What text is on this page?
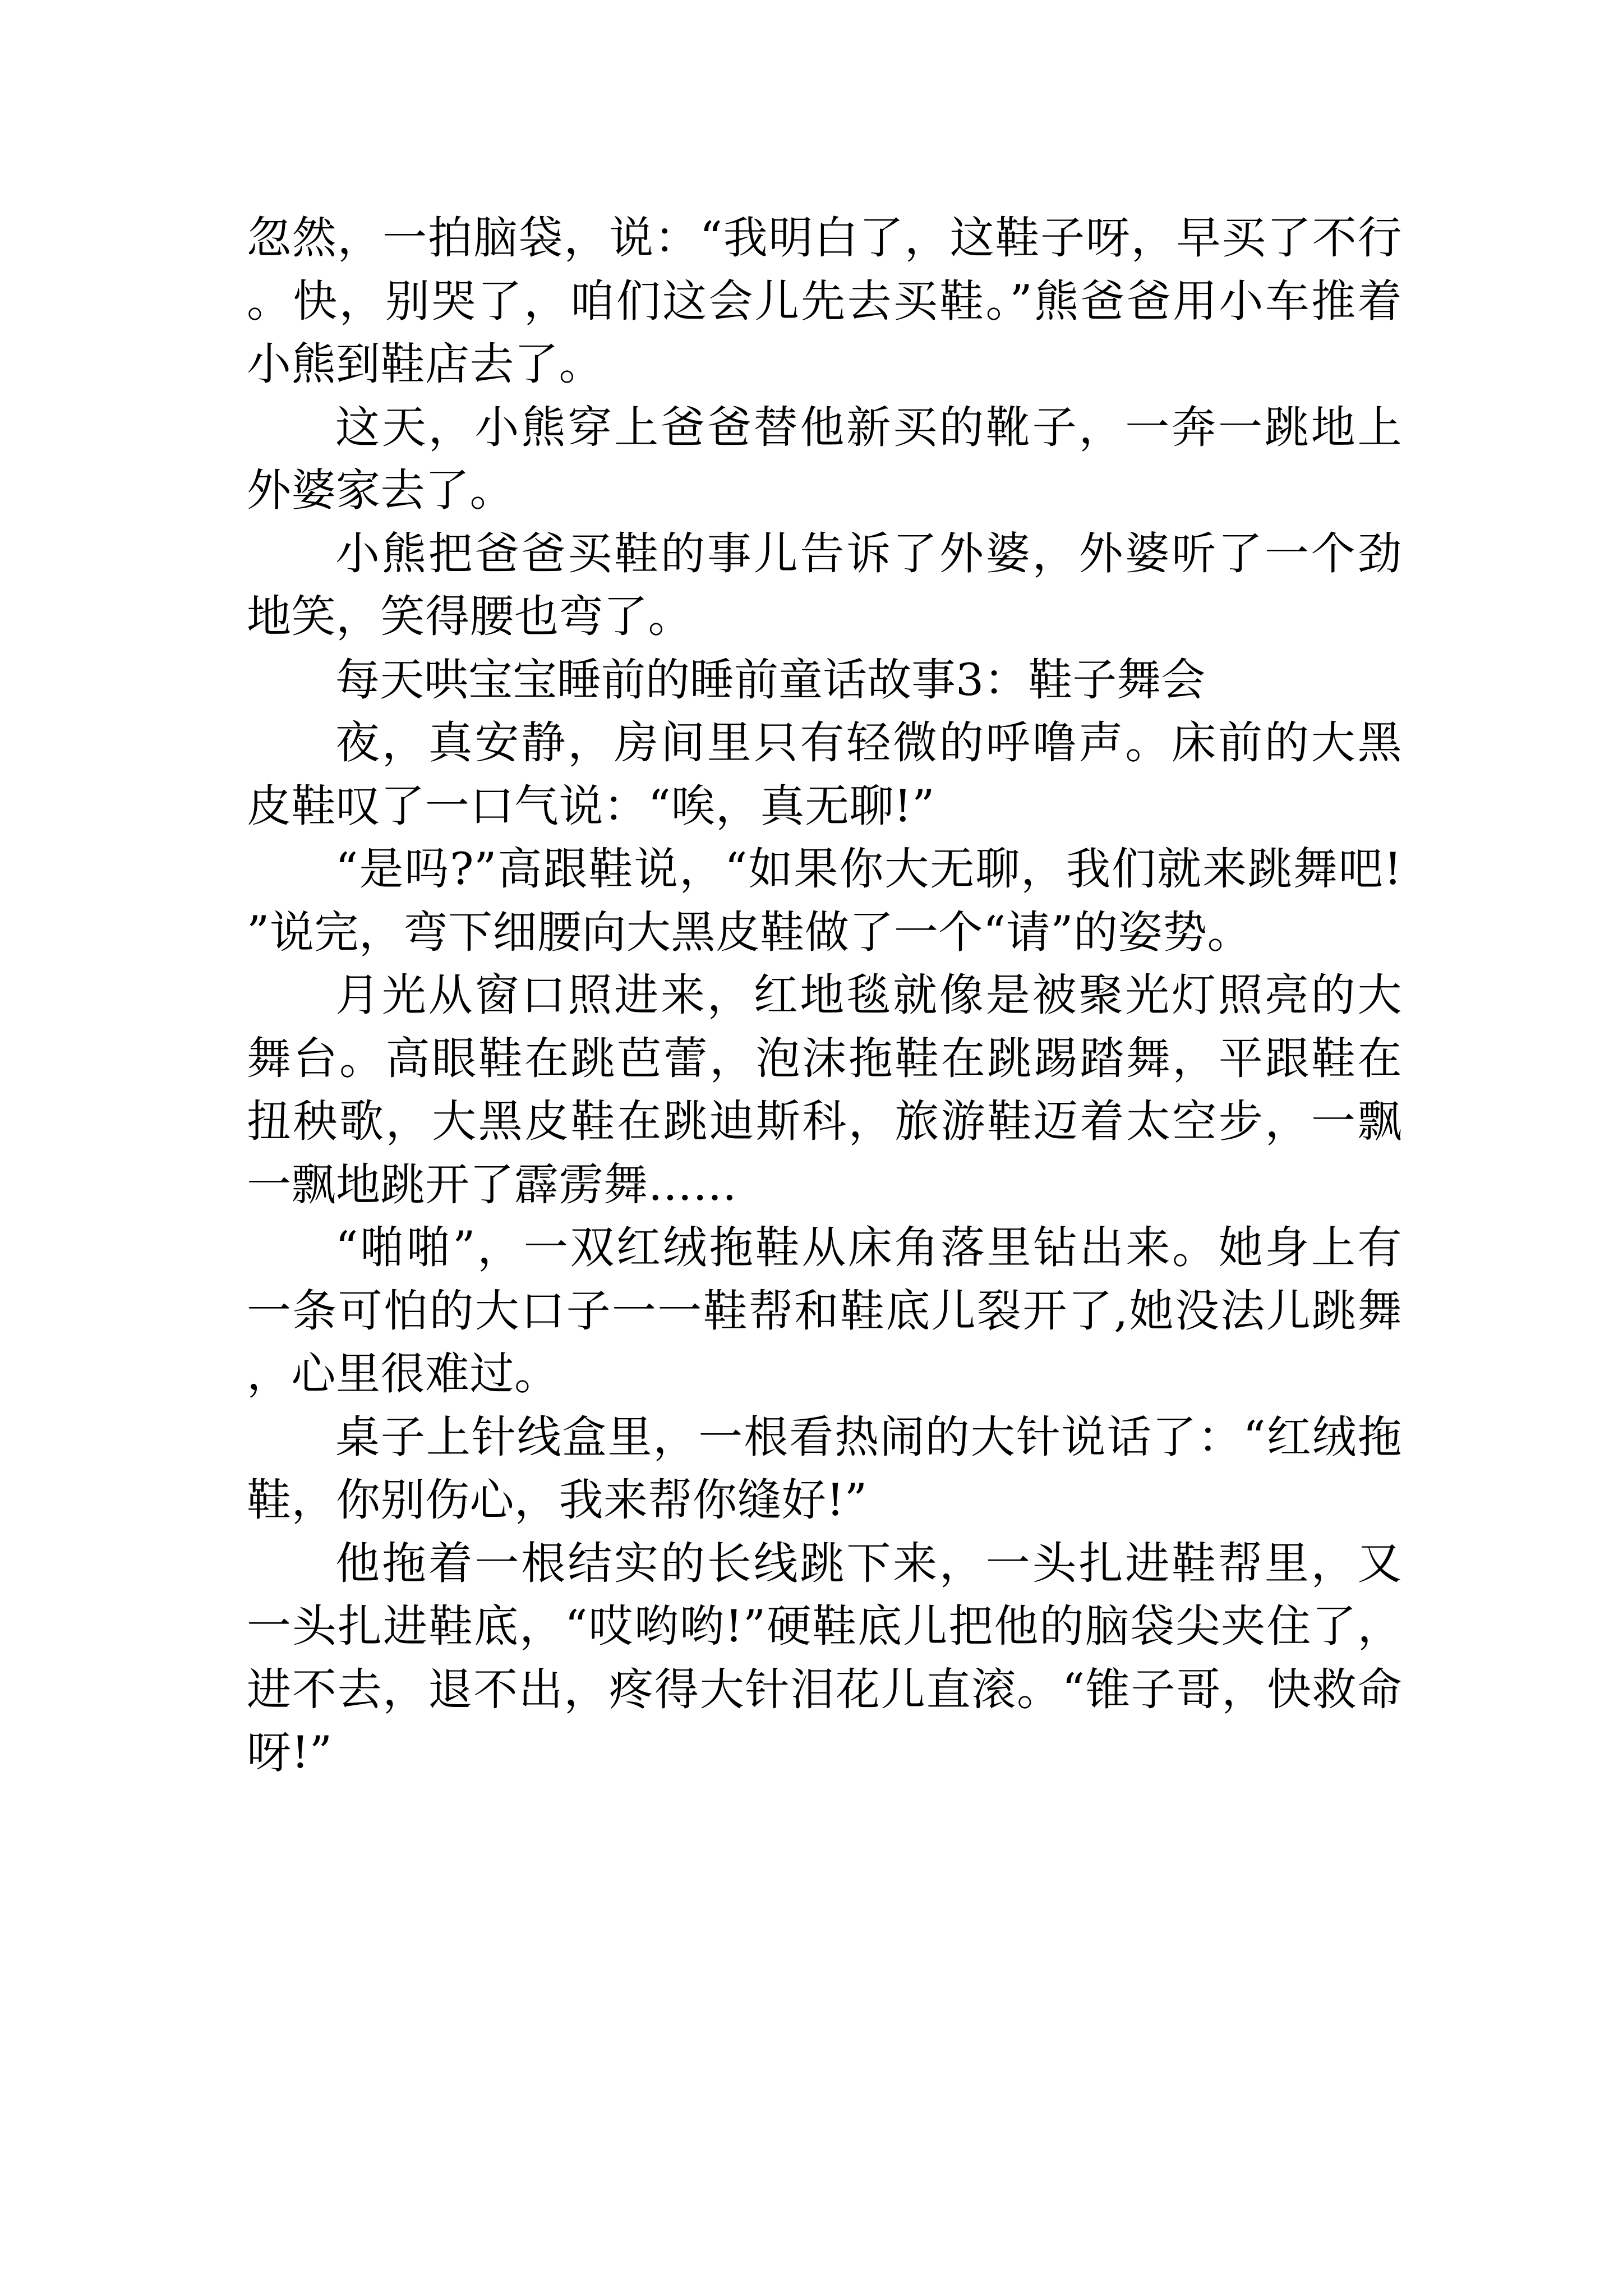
忽然，一拍脑袋，说：“我明白了，这鞋子呀，早买了不行。快，别哭了，咱们这会儿先去买鞋。”熊爸爸用小车推着小熊到鞋店去了。

这天，小熊穿上爸爸替他新买的靴子，一奔一跳地上外婆家去了。

小熊把爸爸买鞋的事儿告诉了外婆，外婆听了一个劲地笑，笑得腰也弯了。

每天哄宝宝睡前的睡前童话故事3：鞋子舞会

夜，真安静，房间里只有轻微的呼噜声。床前的大黑皮鞋叹了一口气说：“唉，真无聊!”

“是吗?”高跟鞋说，“如果你大无聊，我们就来跳舞吧!”说完，弯下细腰向大黑皮鞋做了一个“请”的姿势。

月光从窗口照进来，红地毯就像是被聚光灯照亮的大舞台。高眼鞋在跳芭蕾，泡沫拖鞋在跳踢踏舞，平跟鞋在扭秧歌，大黑皮鞋在跳迪斯科，旅游鞋迈着太空步，一飘一飘地跳开了霹雳舞……

“啪啪”，一双红绒拖鞋从床角落里钻出来。她身上有一条可怕的大口子一一鞋帮和鞋底儿裂开了,她没法儿跳舞，心里很难过。

桌子上针线盒里，一根看热闹的大针说话了：“红绒拖鞋，你别伤心，我来帮你缝好!”

他拖着一根结实的长线跳下来，一头扎进鞋帮里，又一头扎进鞋底，“哎哟哟!”硬鞋底儿把他的脑袋尖夹住了，进不去，退不出，疼得大针泪花儿直滚。“锥子哥，快救命呀!”
